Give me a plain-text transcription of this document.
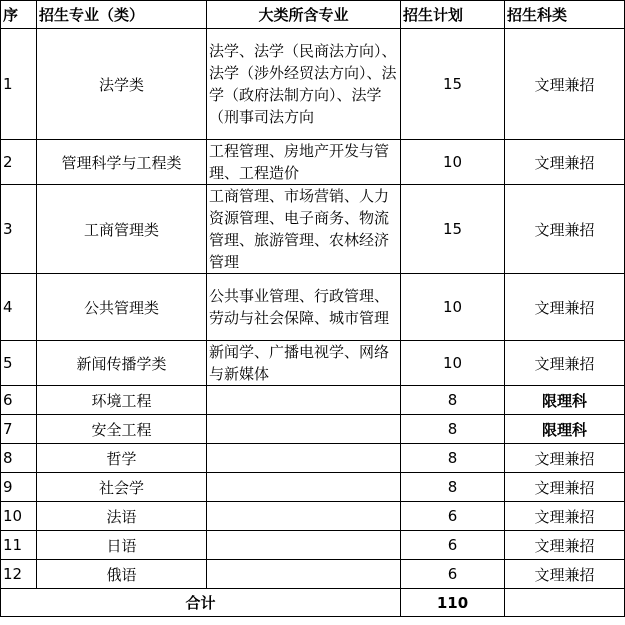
序	招生专业（类）	大类所含专业	招生计划	招生科类
1	法学类	法学、法学（民商法方向）、法学（涉外经贸法方向）、法学（政府法制方向）、法学（刑事司法方向	15	文理兼招
2	管理科学与工程类	工程管理、房地产开发与管理、工程造价	10	文理兼招
3	工商管理类	工商管理、市场营销、人力资源管理、电子商务、物流管理、旅游管理、农林经济管理	15	文理兼招
4	公共管理类	公共事业管理、行政管理、劳动与社会保障、城市管理	10	文理兼招
5	新闻传播学类	新闻学、广播电视学、网络与新媒体	10	文理兼招
6	环境工程		8	限理科
7	安全工程		8	限理科
8	哲学		8	文理兼招
9	社会学		8	文理兼招
10	法语		6	文理兼招
11	日语		6	文理兼招
12	俄语		6	文理兼招
合计			110	
